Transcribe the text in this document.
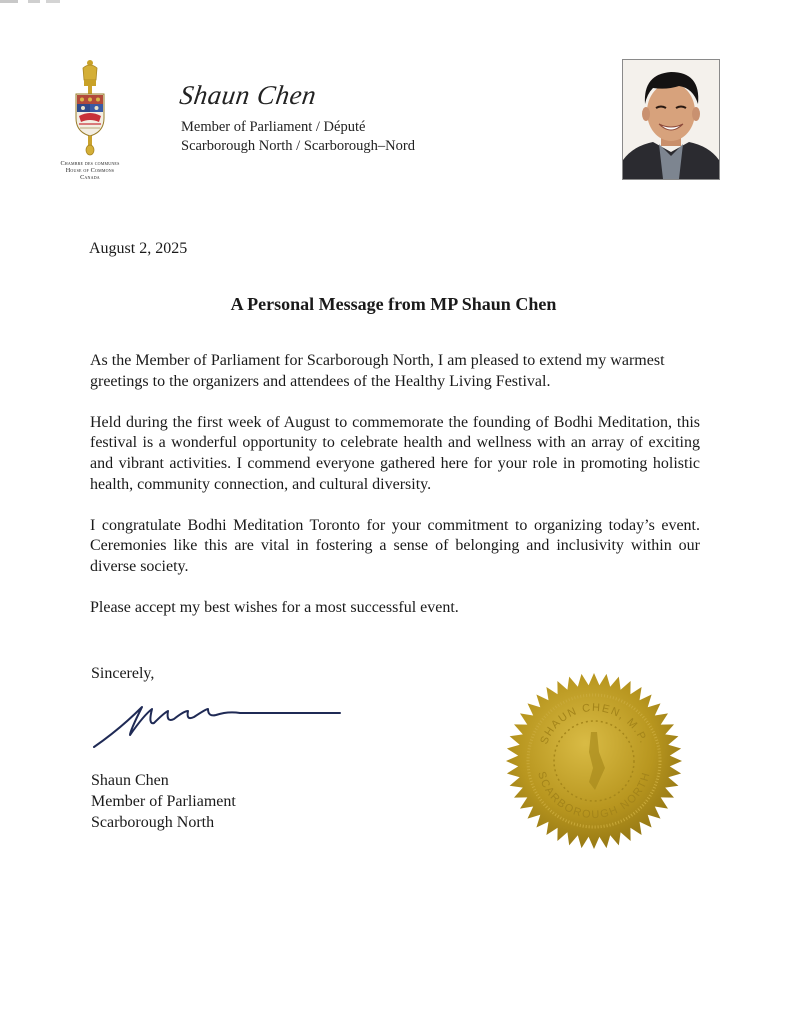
Chambre des communes
House of Commons
Canada
Shaun Chen
Member of Parliament / Député
Scarborough North / Scarborough–Nord
August 2, 2025
A Personal Message from MP Shaun Chen

As the Member of Parliament for Scarborough North, I am pleased to extend my warmest greetings to the organizers and attendees of the Healthy Living Festival.

Held during the first week of August to commemorate the founding of Bodhi Meditation, this festival is a wonderful opportunity to celebrate health and wellness with an array of exciting and vibrant activities. I commend everyone gathered here for your role in promoting holistic health, community connection, and cultural diversity.

I congratulate Bodhi Meditation Toronto for your commitment to organizing today’s event. Ceremonies like this are vital in fostering a sense of belonging and inclusivity within our diverse society.

Please accept my best wishes for a most successful event.

Sincerely,
Shaun Chen
Member of Parliament
Scarborough North
SHAUN CHEN, M.P.
SCARBOROUGH NORTH
